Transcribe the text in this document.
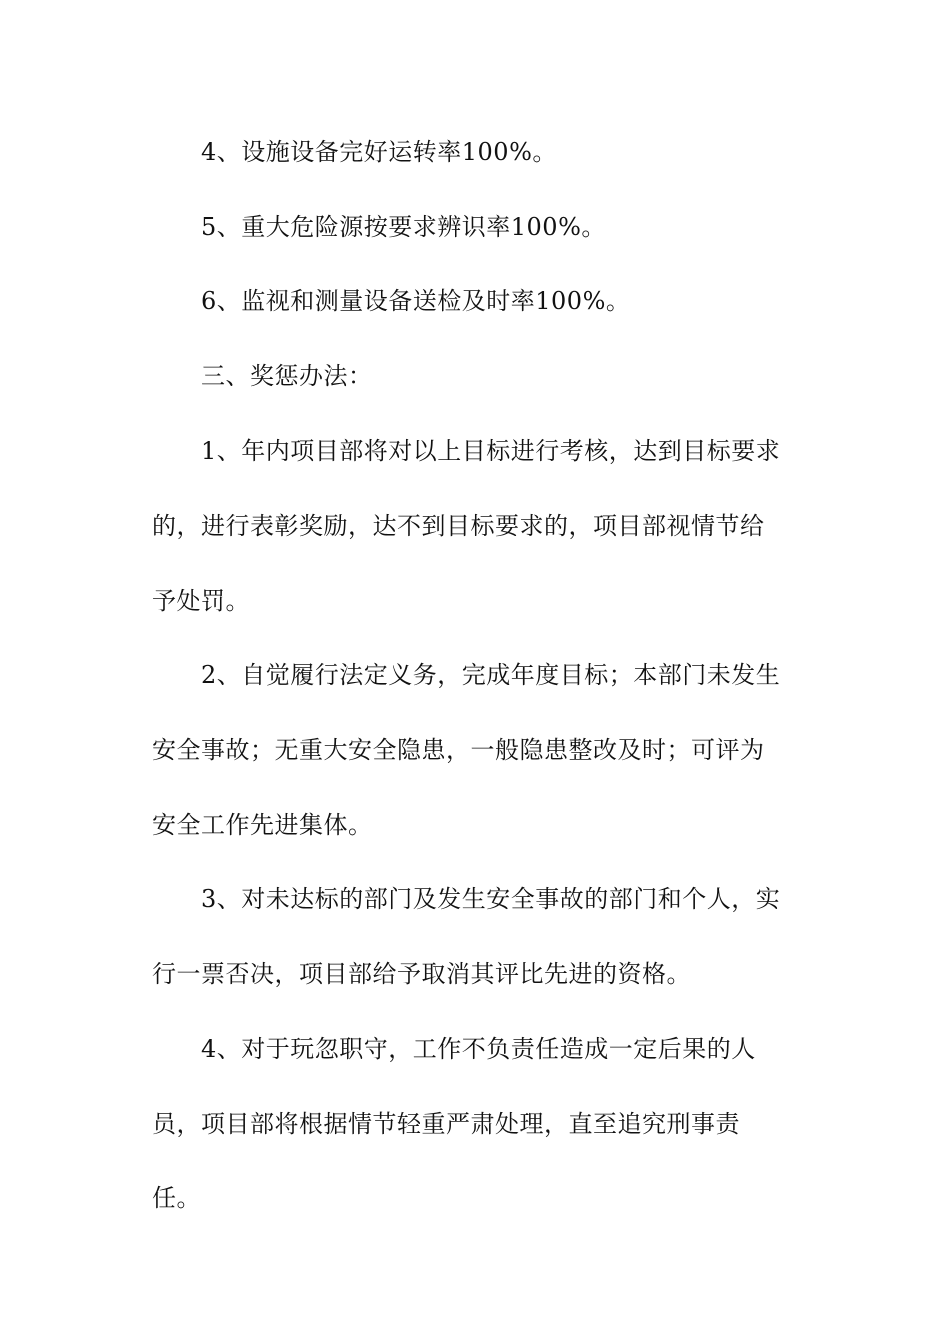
4、设施设备完好运转率100%。
5、重大危险源按要求辨识率100%。
6、监视和测量设备送检及时率100%。
三、奖惩办法：
1、年内项目部将对以上目标进行考核，达到目标要求
的，进行表彰奖励，达不到目标要求的，项目部视情节给
予处罚。
2、自觉履行法定义务，完成年度目标；本部门未发生
安全事故；无重大安全隐患，一般隐患整改及时；可评为
安全工作先进集体。
3、对未达标的部门及发生安全事故的部门和个人，实
行一票否决，项目部给予取消其评比先进的资格。
4、对于玩忽职守，工作不负责任造成一定后果的人
员，项目部将根据情节轻重严肃处理，直至追究刑事责
任。
